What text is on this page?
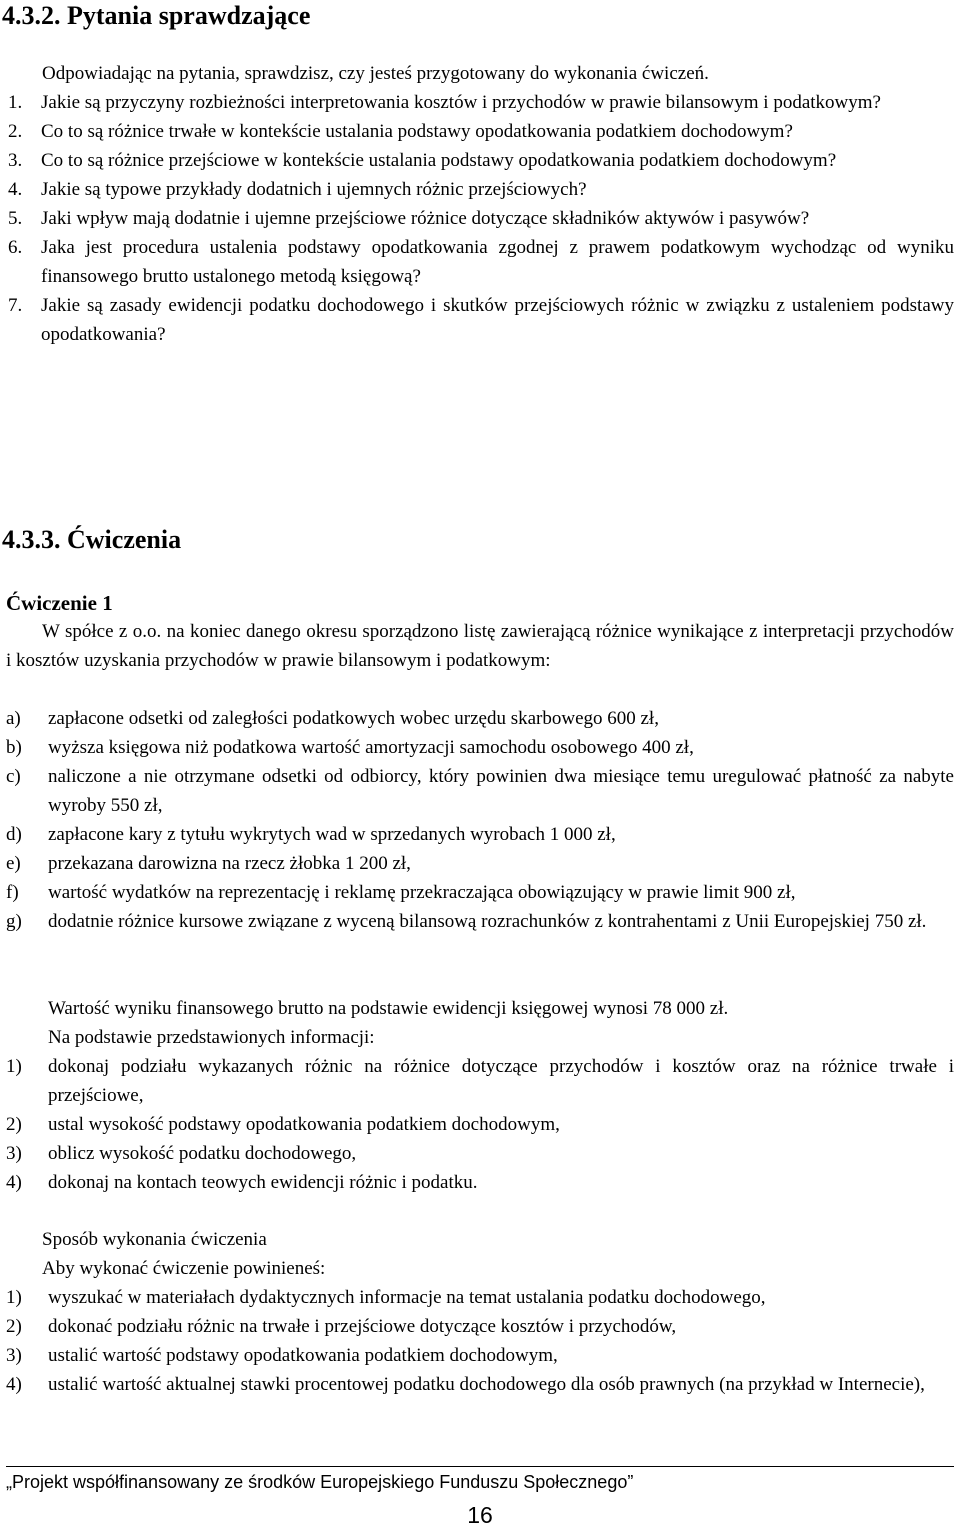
4.3.2. Pytania sprawdzające

Odpowiadając na pytania, sprawdzisz, czy jesteś przygotowany do wykonania ćwiczeń.

1. Jakie są przyczyny rozbieżności interpretowania kosztów i przychodów w prawie bilansowym i podatkowym?
2. Co to są różnice trwałe w kontekście ustalania podstawy opodatkowania podatkiem dochodowym?
3. Co to są różnice przejściowe w kontekście ustalania podstawy opodatkowania podatkiem dochodowym?
4. Jakie są typowe przykłady dodatnich i ujemnych różnic przejściowych?
5. Jaki wpływ mają dodatnie i ujemne przejściowe różnice dotyczące składników aktywów i pasywów?
6. Jaka jest procedura ustalenia podstawy opodatkowania zgodnej z prawem podatkowym wychodząc od wyniku finansowego brutto ustalonego metodą księgową?
7. Jakie są zasady ewidencji podatku dochodowego i skutków przejściowych różnic w związku z ustaleniem podstawy opodatkowania?
4.3.3. Ćwiczenia
Ćwiczenie 1

W spółce z o.o. na koniec danego okresu sporządzono listę zawierającą różnice wynikające z interpretacji przychodów i kosztów uzyskania przychodów w prawie bilansowym i podatkowym:

a) zapłacone odsetki od zaległości podatkowych wobec urzędu skarbowego 600 zł,
b) wyższa księgowa niż podatkowa wartość amortyzacji samochodu osobowego 400 zł,
c) naliczone a nie otrzymane odsetki od odbiorcy, który powinien dwa miesiące temu uregulować płatność za nabyte wyroby 550 zł,
d) zapłacone kary z tytułu wykrytych wad w sprzedanych wyrobach 1 000 zł,
e) przekazana darowizna na rzecz żłobka 1 200 zł,
f) wartość wydatków na reprezentację i reklamę przekraczająca obowiązujący w prawie limit 900 zł,
g) dodatnie różnice kursowe związane z wyceną bilansową rozrachunków z kontrahentami z Unii Europejskiej 750 zł.

Wartość wyniku finansowego brutto na podstawie ewidencji księgowej wynosi 78 000 zł.

Na podstawie przedstawionych informacji:

1) dokonaj podziału wykazanych różnic na różnice dotyczące przychodów i kosztów oraz na różnice trwałe i przejściowe,
2) ustal wysokość podstawy opodatkowania podatkiem dochodowym,
3) oblicz wysokość podatku dochodowego,
4) dokonaj na kontach teowych ewidencji różnic i podatku.

Sposób wykonania ćwiczenia

Aby wykonać ćwiczenie powinieneś:

1) wyszukać w materiałach dydaktycznych informacje na temat ustalania podatku dochodowego,
2) dokonać podziału różnic na trwałe i przejściowe dotyczące kosztów i przychodów,
3) ustalić wartość podstawy opodatkowania podatkiem dochodowym,
4) ustalić wartość aktualnej stawki procentowej podatku dochodowego dla osób prawnych (na przykład w Internecie),
„Projekt współfinansowany ze środków Europejskiego Funduszu Społecznego”
16
